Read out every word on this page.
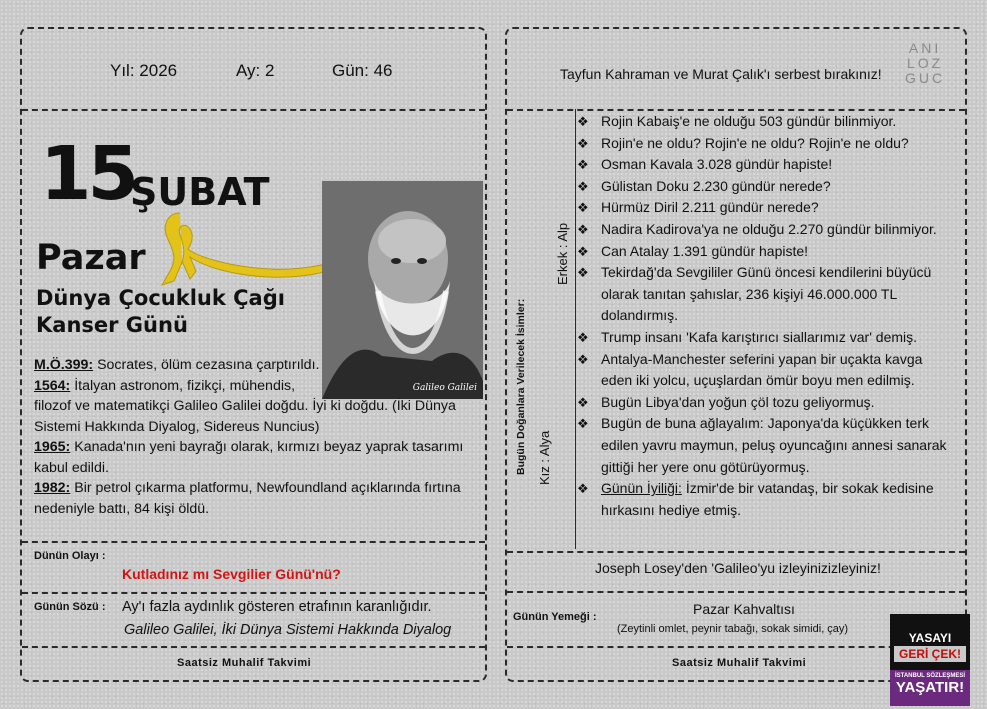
Yıl: 2026	Ay: 2	Gün: 46
15
ŞUBAT
Pazar
Dünya Çocukluk Çağı
Kanser Günü
Galileo Galilei
M.Ö.399: Socrates, ölüm cezasına çarptırıldı.
1564: İtalyan astronom, fizikçi, mühendis,
filozof ve matematikçi Galileo Galilei doğdu. İyi ki doğdu. (İki Dünya
Sistemi Hakkında Diyalog, Sidereus Nuncius)
1965: Kanada'nın yeni bayrağı olarak, kırmızı beyaz yaprak tasarımı
kabul edildi.
1982: Bir petrol çıkarma platformu, Newfoundland açıklarında fırtına
nedeniyle battı, 84 kişi öldü.
Dünün Olayı :
Kutladınız mı Sevgilier Günü'nü?
Günün Sözü : Ay'ı fazla aydınlık gösteren etrafının karanlığıdır.
Galileo Galilei, İki Dünya Sistemi Hakkında Diyalog
Saatsiz Muhalif Takvimi
Tayfun Kahraman ve Murat Çalık'ı serbest bırakınız!
ANI
LOZ
GUC
Bugün Doğanlara Verilecek İsimler: Kız : Alya
Erkek : Alp
❖ Rojin Kabaiş'e ne olduğu 503 gündür bilinmiyor.
❖ Rojin'e ne oldu? Rojin'e ne oldu? Rojin'e ne oldu?
❖ Osman Kavala 3.028 gündür hapiste!
❖ Gülistan Doku 2.230 gündür nerede?
❖ Hürmüz Diril 2.211 gündür nerede?
❖ Nadira Kadirova'ya ne olduğu 2.270 gündür bilinmiyor.
❖ Can Atalay 1.391 gündür hapiste!
❖ Tekirdağ'da Sevgililer Günü öncesi kendilerini büyücü
olarak tanıtan şahıslar, 236 kişiyi 46.000.000 TL
dolandırmış.
❖ Trump insanı 'Kafa karıştırıcı siallarımız var' demiş.
❖ Antalya-Manchester seferini yapan bir uçakta kavga
eden iki yolcu, uçuşlardan ömür boyu men edilmiş.
❖ Bugün Libya'dan yoğun çöl tozu geliyormuş.
❖ Bugün de buna ağlayalım: Japonya'da küçükken terk
edilen yavru maymun, peluş oyuncağını annesi sanarak
gittiği her yere onu götürüyormuş.
❖ Günün İyiliği: İzmir'de bir vatandaş, bir sokak kedisine
hırkasını hediye etmiş.
Joseph Losey'den 'Galileo'yu izleyinizizleyiniz!
Günün Yemeği :	Pazar Kahvaltısı
(Zeytinli omlet, peynir tabağı, sokak simidi, çay)
Saatsiz Muhalif Takvimi
YASAYI
GERİ ÇEK!
İSTANBUL SÖZLEŞMESİ
YAŞATIR!
